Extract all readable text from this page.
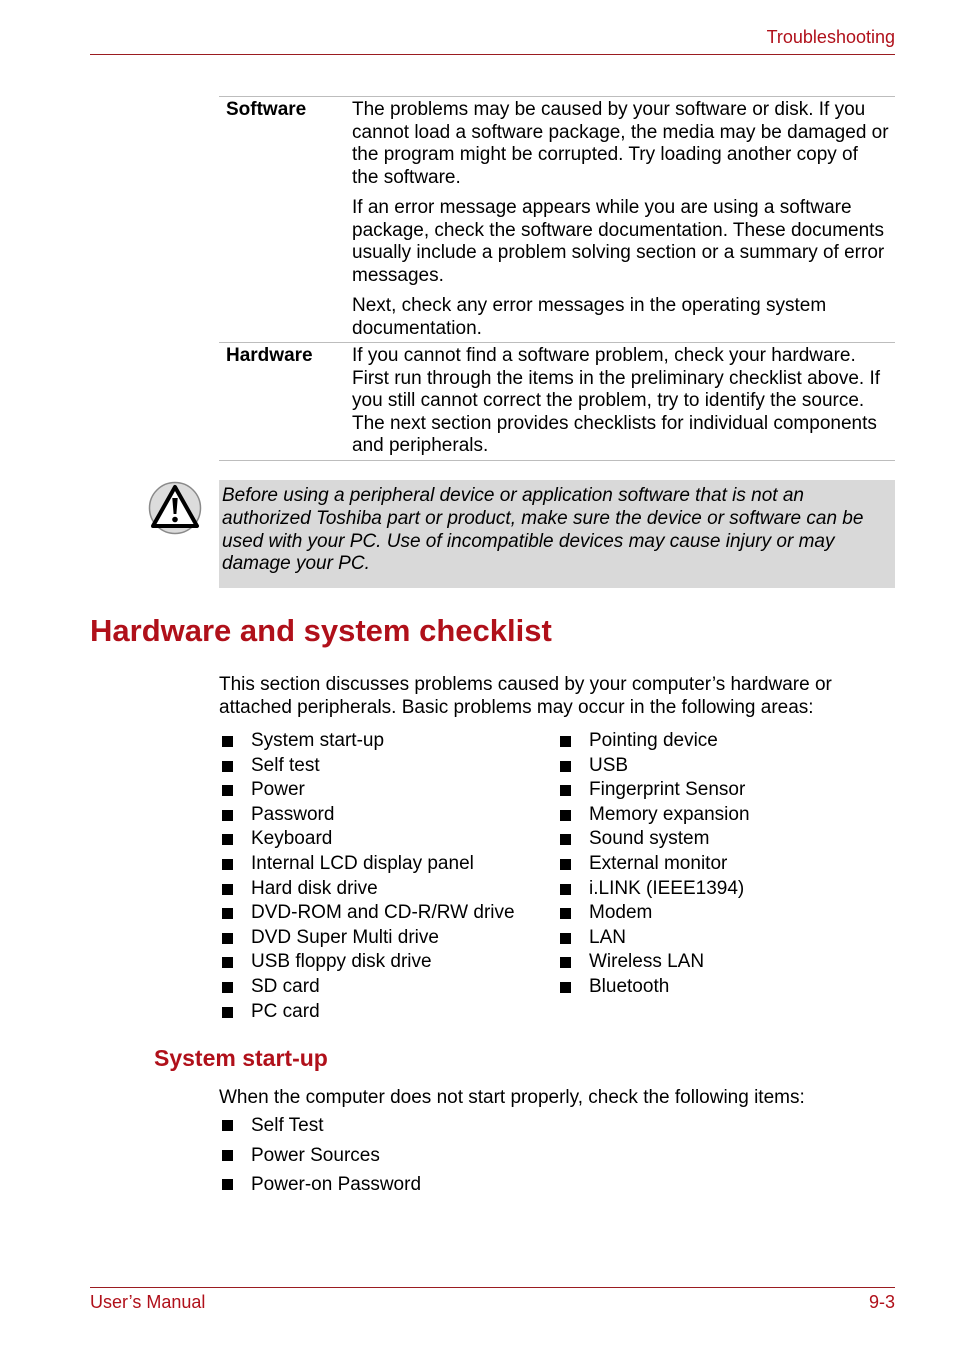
Troubleshooting
Software	The problems may be caused by your software or disk. If you cannot load a software package, the media may be damaged or the program might be corrupted. Try loading another copy of the software.

If an error message appears while you are using a software package, check the software documentation. These documents usually include a problem solving section or a summary of error messages.

Next, check any error messages in the operating system documentation.

Hardware	If you cannot find a software problem, check your hardware. First run through the items in the preliminary checklist above. If you still cannot correct the problem, try to identify the source. The next section provides checklists for individual components and peripherals.

Before using a peripheral device or application software that is not an authorized Toshiba part or product, make sure the device or software can be used with your PC. Use of incompatible devices may cause injury or may damage your PC.
Hardware and system checklist

This section discusses problems caused by your computer’s hardware or attached peripherals. Basic problems may occur in the following areas:

System start-up
Self test
Power
Password
Keyboard
Internal LCD display panel
Hard disk drive
DVD-ROM and CD-R/RW drive
DVD Super Multi drive
USB floppy disk drive
SD card
PC card
Pointing device
USB
Fingerprint Sensor
Memory expansion
Sound system
External monitor
i.LINK (IEEE1394)
Modem
LAN
Wireless LAN
Bluetooth
System start-up

When the computer does not start properly, check the following items:

Self Test
Power Sources
Power-on Password
User’s Manual	9-3
